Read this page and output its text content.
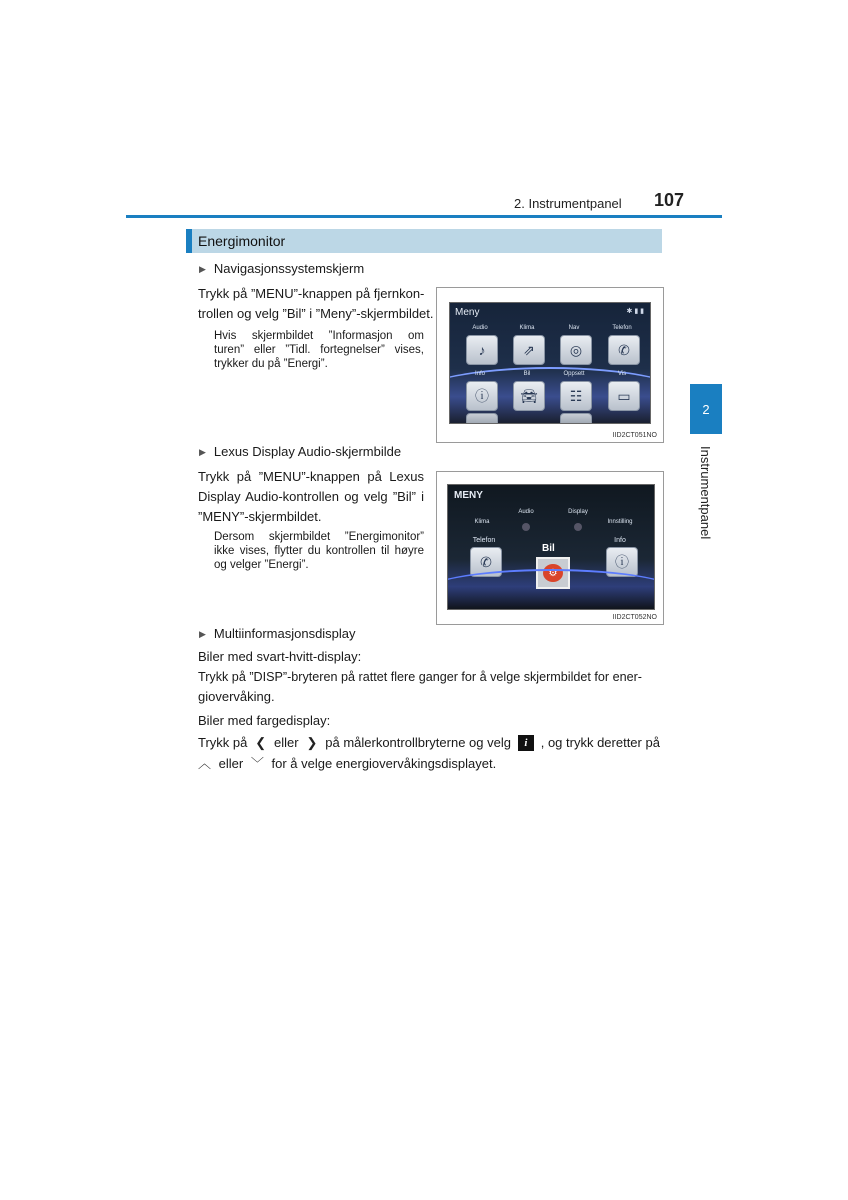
2. Instrumentpanel 107
2
Instrumentpanel
Energimonitor
▶ Navigasjonssystemskjerm
Trykk på ”MENU”-knappen på fjernkon-
trollen og velg ”Bil” i ”Meny”-skjermbildet.
Hvis skjermbildet ”Informasjon om
turen” eller ”Tidl. fortegnelser” vises,
trykker du på ”Energi”.
Meny	✱ ▮ ▮
Audio	Klima	Nav	Telefon
♪	⇗	◎	✆
Info	Bil	Oppsett	Vis
ⓘ	🚘︎	☷	▭
IID2CT051NO
▶ Lexus Display Audio-skjermbilde
Trykk på ”MENU”-knappen på Lexus
Display Audio-kontrollen og velg ”Bil” i
”MENY”-skjermbildet.
Dersom skjermbildet ”Energimonitor”
ikke vises, flytter du kontrollen til høyre
og velger ”Energi”.
MENY
Klima
Audio	Display
Innstilling
Telefon	Info
✆	ⓘ
Bil
⚙
IID2CT052NO
▶ Multiinformasjonsdisplay
Biler med svart-hvitt-display:
Trykk på ”DISP”-bryteren på rattet flere ganger for å velge skjermbildet for ener-
giovervåking.
Biler med fargedisplay:
Trykk på ❮ eller ❯ på målerkontrollbryterne og velg	i	, og trykk deretter på
︿ eller ﹀ for å velge energiovervåkingsdisplayet.
